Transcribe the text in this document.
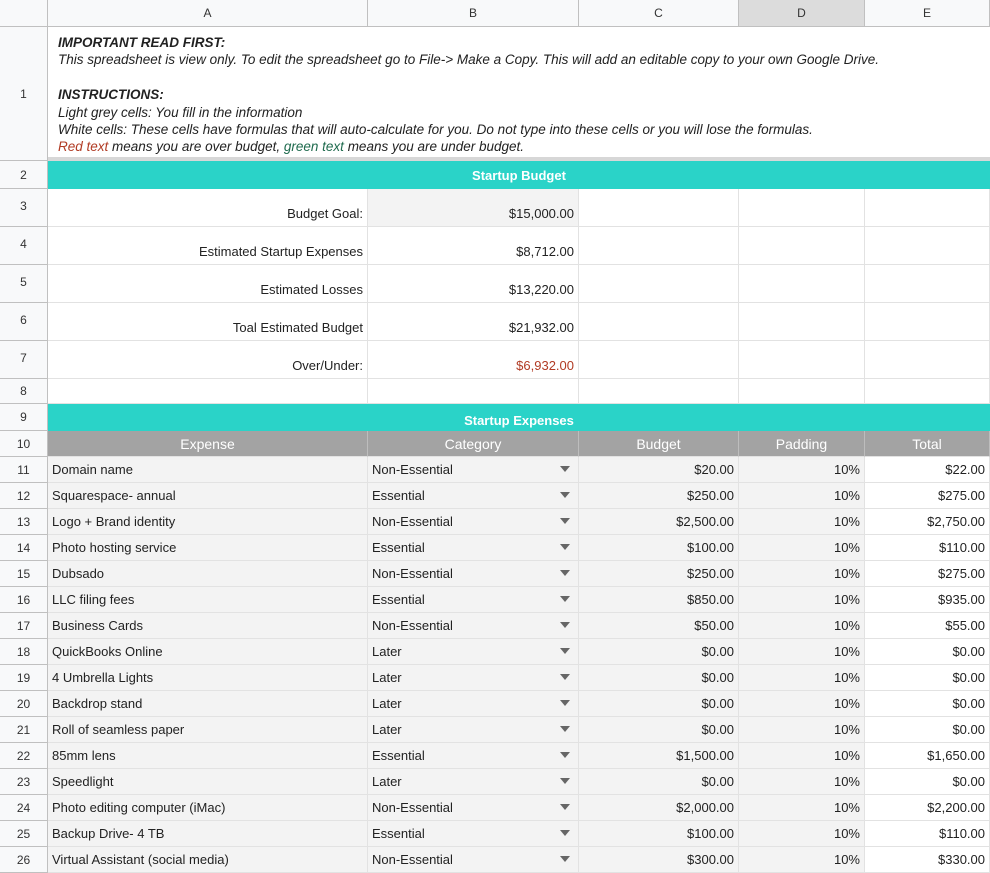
A	B	C	D	E
1
IMPORTANT READ FIRST:
This spreadsheet is view only. To edit the spreadsheet go to File-> Make a Copy. This will add an editable copy to your own Google Drive.

INSTRUCTIONS:
Light grey cells: You fill in the information
White cells: These cells have formulas that will auto-calculate for you. Do not type into these cells or you will lose the formulas.
Red text means you are over budget, green text means you are under budget.
2	Startup Budget
3	Budget Goal:	$15,000.00
4	Estimated Startup Expenses	$8,712.00
5	Estimated Losses	$13,220.00
6	Toal Estimated Budget	$21,932.00
7	Over/Under:	$6,932.00
8
9	Startup Expenses
10	Expense	Category	Budget	Padding	Total
11	Domain name	Non-Essential	$20.00	10%	$22.00
12	Squarespace- annual	Essential	$250.00	10%	$275.00
13	Logo + Brand identity	Non-Essential	$2,500.00	10%	$2,750.00
14	Photo hosting service	Essential	$100.00	10%	$110.00
15	Dubsado	Non-Essential	$250.00	10%	$275.00
16	LLC filing fees	Essential	$850.00	10%	$935.00
17	Business Cards	Non-Essential	$50.00	10%	$55.00
18	QuickBooks Online	Later	$0.00	10%	$0.00
19	4 Umbrella Lights	Later	$0.00	10%	$0.00
20	Backdrop stand	Later	$0.00	10%	$0.00
21	Roll of seamless paper	Later	$0.00	10%	$0.00
22	85mm lens	Essential	$1,500.00	10%	$1,650.00
23	Speedlight	Later	$0.00	10%	$0.00
24	Photo editing computer (iMac)	Non-Essential	$2,000.00	10%	$2,200.00
25	Backup Drive- 4 TB	Essential	$100.00	10%	$110.00
26	Virtual Assistant (social media)	Non-Essential	$300.00	10%	$330.00
